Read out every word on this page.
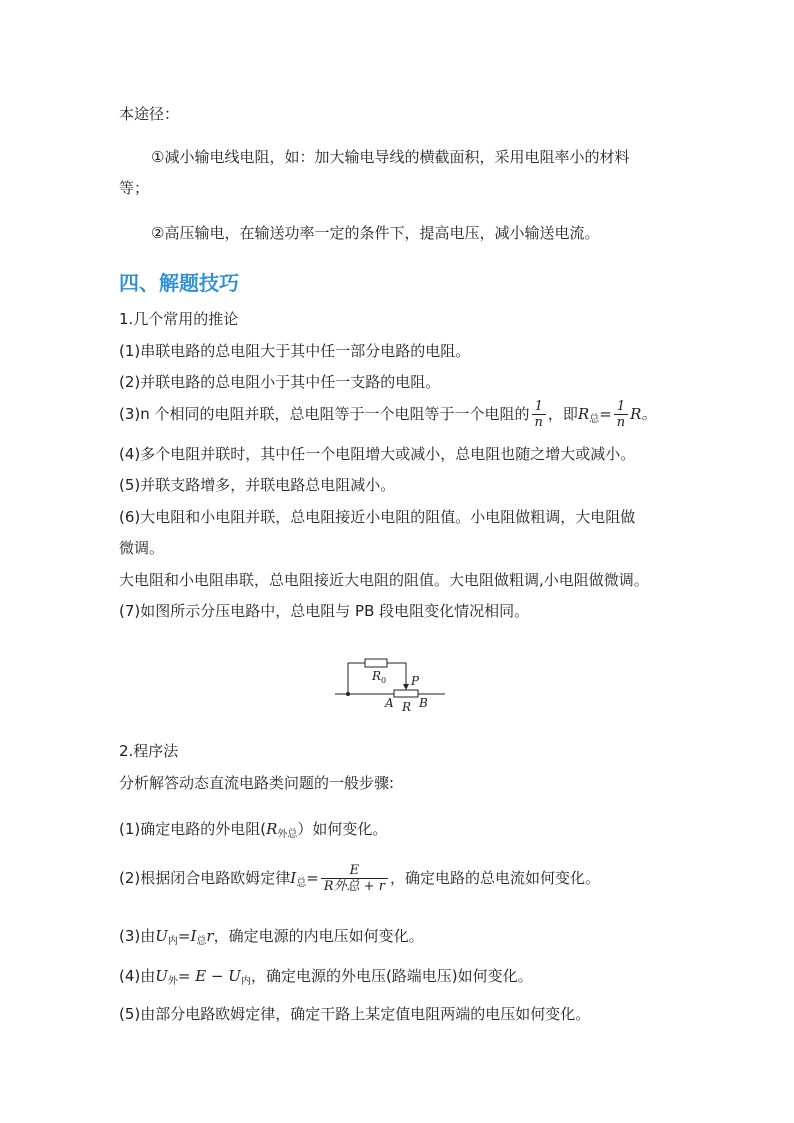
本途径：
①减小输电线电阻，如：加大输电导线的横截面积，采用电阻率小的材料
等；
②高压输电，在输送功率一定的条件下，提高电压，减小输送电流。
四、解题技巧
1.几个常用的推论
(1)串联电路的总电阻大于其中任一部分电路的电阻。
(2)并联电路的总电阻小于其中任一支路的电阻。
(3)n 个相同的电阻并联，总电阻等于一个电阻等于一个电阻的 $\frac{1}{n}$ ，即$R_总= \frac{1}{n}$ R。
(4)多个电阻并联时，其中任一个电阻增大或减小，总电阻也随之增大或减小。
(5)并联支路增多，并联电路总电阻减小。
(6)大电阻和小电阻并联，总电阻接近小电阻的阻值。小电阻做粗调，大电阻做
微调。
大电阻和小电阻串联，总电阻接近大电阻的阻值。大电阻做粗调,小电阻做微调。
(7)如图所示分压电路中，总电阻与 PB 段电阻变化情况相同。
$R_0$ P
A R B
2.程序法
分析解答动态直流电路类问题的一般步骤:
(1)确定电路的外电阻$(R_{外总})$如何变化。
(2)根据闭合电路欧姆定律$I_总= \frac{E}{\text{R外总 + r}}$ ，确定电路的总电流如何变化。
(3)由$U_内=I_总r$，确定电源的内电压如何变化。
(4)由$U_外= E - U_内$，确定电源的外电压(路端电压)如何变化。
(5)由部分电路欧姆定律，确定干路上某定值电阻两端的电压如何变化。
